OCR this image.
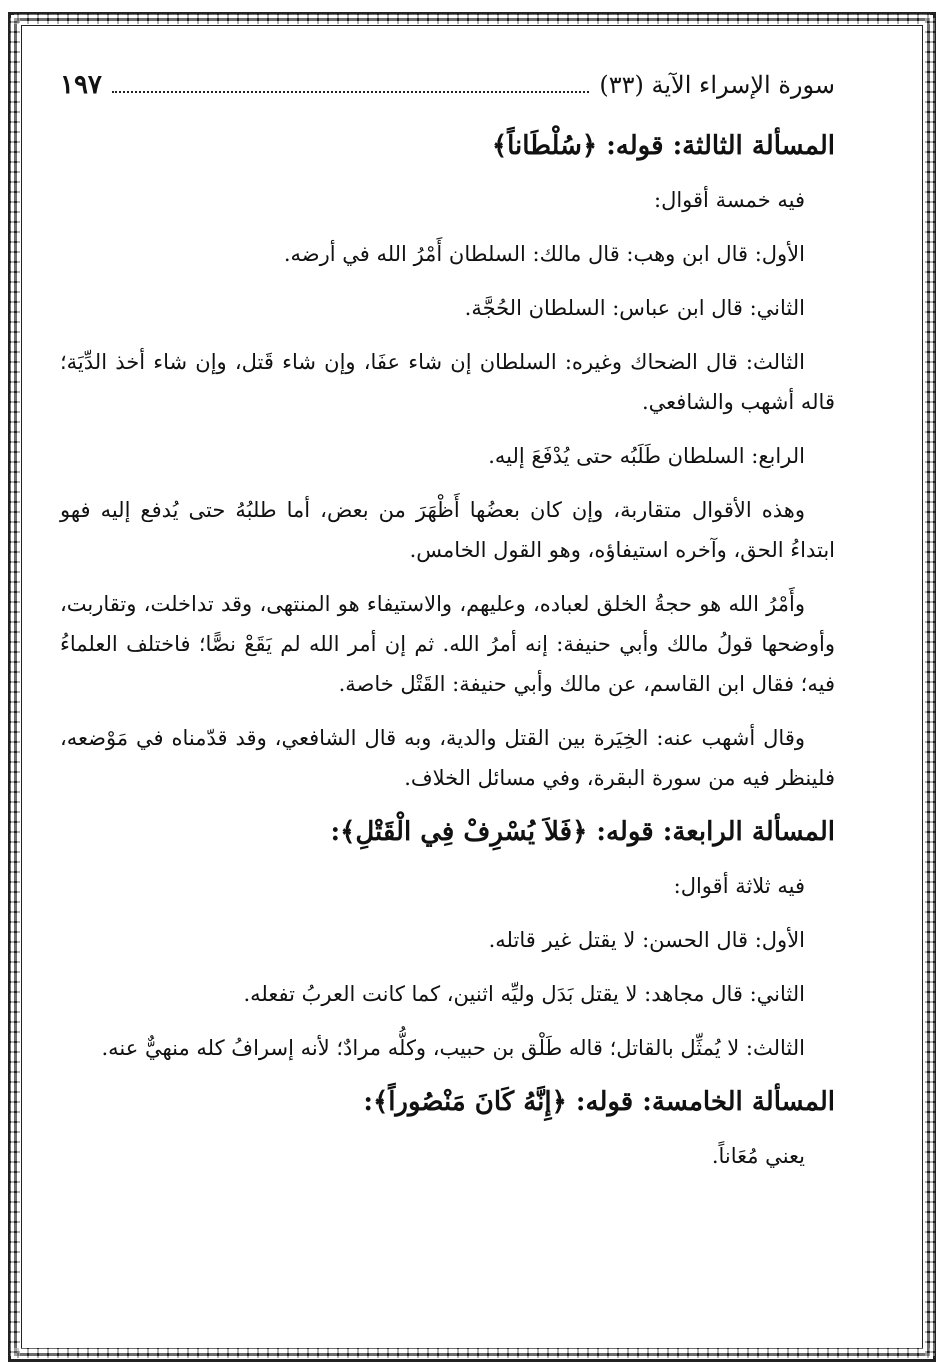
سورة الإسراء الآية (٣٣)
١٩٧
المسألة الثالثة: قوله: ﴿سُلْطَاناً﴾

فيه خمسة أقوال:

الأول: قال ابن وهب: قال مالك: السلطان أَمْرُ الله في أرضه.

الثاني: قال ابن عباس: السلطان الحُجَّة.

الثالث: قال الضحاك وغيره: السلطان إن شاء عفَا، وإن شاء قَتل، وإن شاء أخذ الدِّيَة؛ قاله أشهب والشافعي.

الرابع: السلطان طَلَبُه حتى يُدْفَعَ إليه.

وهذه الأقوال متقاربة، وإن كان بعضُها أَظْهَرَ من بعض، أما طلبُهُ حتى يُدفع إليه فهو ابتداءُ الحق، وآخره استيفاؤه، وهو القول الخامس.

وأَمْرُ الله هو حجةُ الخلق لعباده، وعليهم، والاستيفاء هو المنتهى، وقد تداخلت، وتقاربت، وأوضحها قولُ مالك وأبي حنيفة: إنه أمرُ الله. ثم إن أمر الله لم يَقَعْ نصًّا؛ فاختلف العلماءُ فيه؛ فقال ابن القاسم، عن مالك وأبي حنيفة: القَتْل خاصة.

وقال أشهب عنه: الخِيَرة بين القتل والدية، وبه قال الشافعي، وقد قدّمناه في مَوْضعه، فلينظر فيه من سورة البقرة، وفي مسائل الخلاف.

المسألة الرابعة: قوله: ﴿فَلاَ يُسْرِفْ فِي الْقَتْلِ﴾:

فيه ثلاثة أقوال:

الأول: قال الحسن: لا يقتل غير قاتله.

الثاني: قال مجاهد: لا يقتل بَدَل وليِّه اثنين، كما كانت العربُ تفعله.

الثالث: لا يُمثِّل بالقاتل؛ قاله طَلْق بن حبيب، وكلُّه مرادٌ؛ لأنه إسرافُ كله منهيٌّ عنه.

المسألة الخامسة: قوله: ﴿إِنَّهُ كَانَ مَنْصُوراً﴾:

يعني مُعَاناً.
